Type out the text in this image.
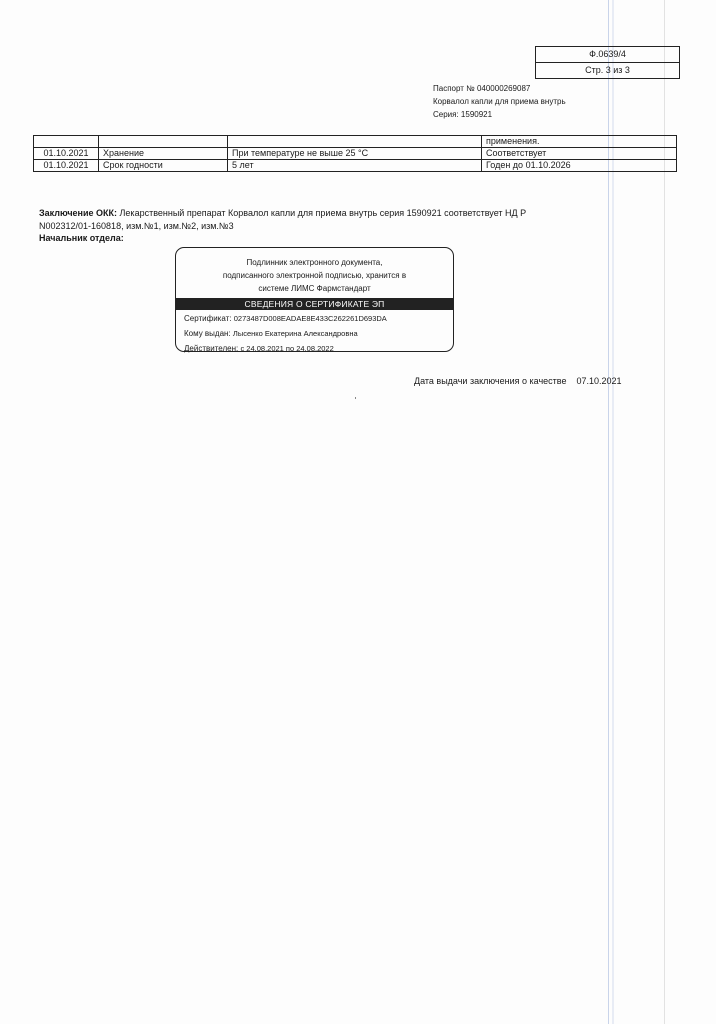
Ф.0639/4
Стр. 3 из 3
Паспорт № 040000269087
Корвалол капли для приема внутрь
Серия: 1590921
			применения.
01.10.2021	Хранение	При температуре не выше 25 °С	Соответствует
01.10.2021	Срок годности	5 лет	Годен до 01.10.2026
Заключение ОКК: Лекарственный препарат Корвалол капли для приема внутрь серия 1590921 соответствует НД Р N002312/01-160818, изм.№1, изм.№2, изм.№3
Начальник отдела:
Подлинник электронного документа,
подписанного электронной подписью, хранится в
системе ЛИМС Фармстандарт
СВЕДЕНИЯ О СЕРТИФИКАТЕ ЭП
Сертификат: 0273487D008EADAE8E433C262261D693DA
Кому выдан: Лысенко Екатерина Александровна
Действителен: с 24.08.2021 по 24.08.2022
Дата выдачи заключения о качестве 07.10.2021
